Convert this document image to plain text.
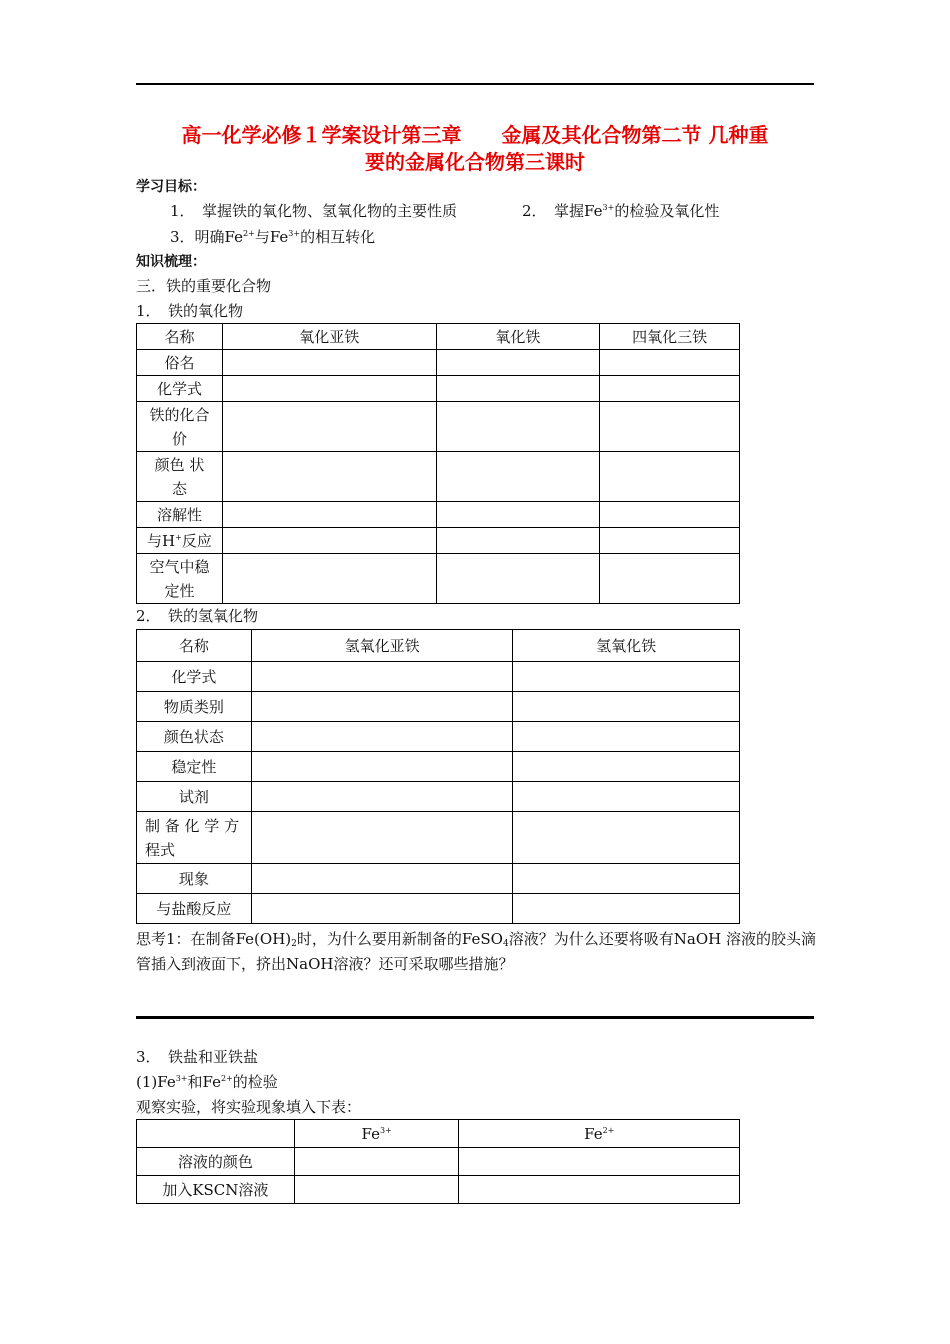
高一化学必修１学案设计第三章　　金属及其化合物第二节 几种重
要的金属化合物第三课时
学习目标：
1．　掌握铁的氧化物、氢氧化物的主要性质	2．　掌握$Fe^{3+}$的检验及氧化性
3．明确$Fe^{2+}$与$Fe^{3+}$的相互转化
知识梳理：
三．铁的重要化合物
1．　铁的氧化物
名称	氧化亚铁	氧化铁	四氧化三铁
俗名			
化学式			

铁的化合
价			

颜色 状
态			

溶解性			
与H+反应			

空气中稳
定性			

2．　铁的氢氧化物
名称	氢氧化亚铁	氢氧化铁
化学式		
物质类别		
颜色状态		
稳定性		
试剂		

制 备 化 学 方
程式		

现象		
与盐酸反应		
思考1：在制备$Fe(OH)_2$时，为什么要用新制备的FeSO$_4$溶液？为什么还要将吸有NaOH 溶液的胶头滴管插入到液面下，挤出NaOH溶液？还可采取哪些措施？
3．　铁盐和亚铁盐
$(1)Fe^{3+}$和$Fe^{2+}$的检验
观察实验，将实验现象填入下表：
	$Fe^{3+}$	$Fe^{2+}$
溶液的颜色		
加入KSCN溶液		
